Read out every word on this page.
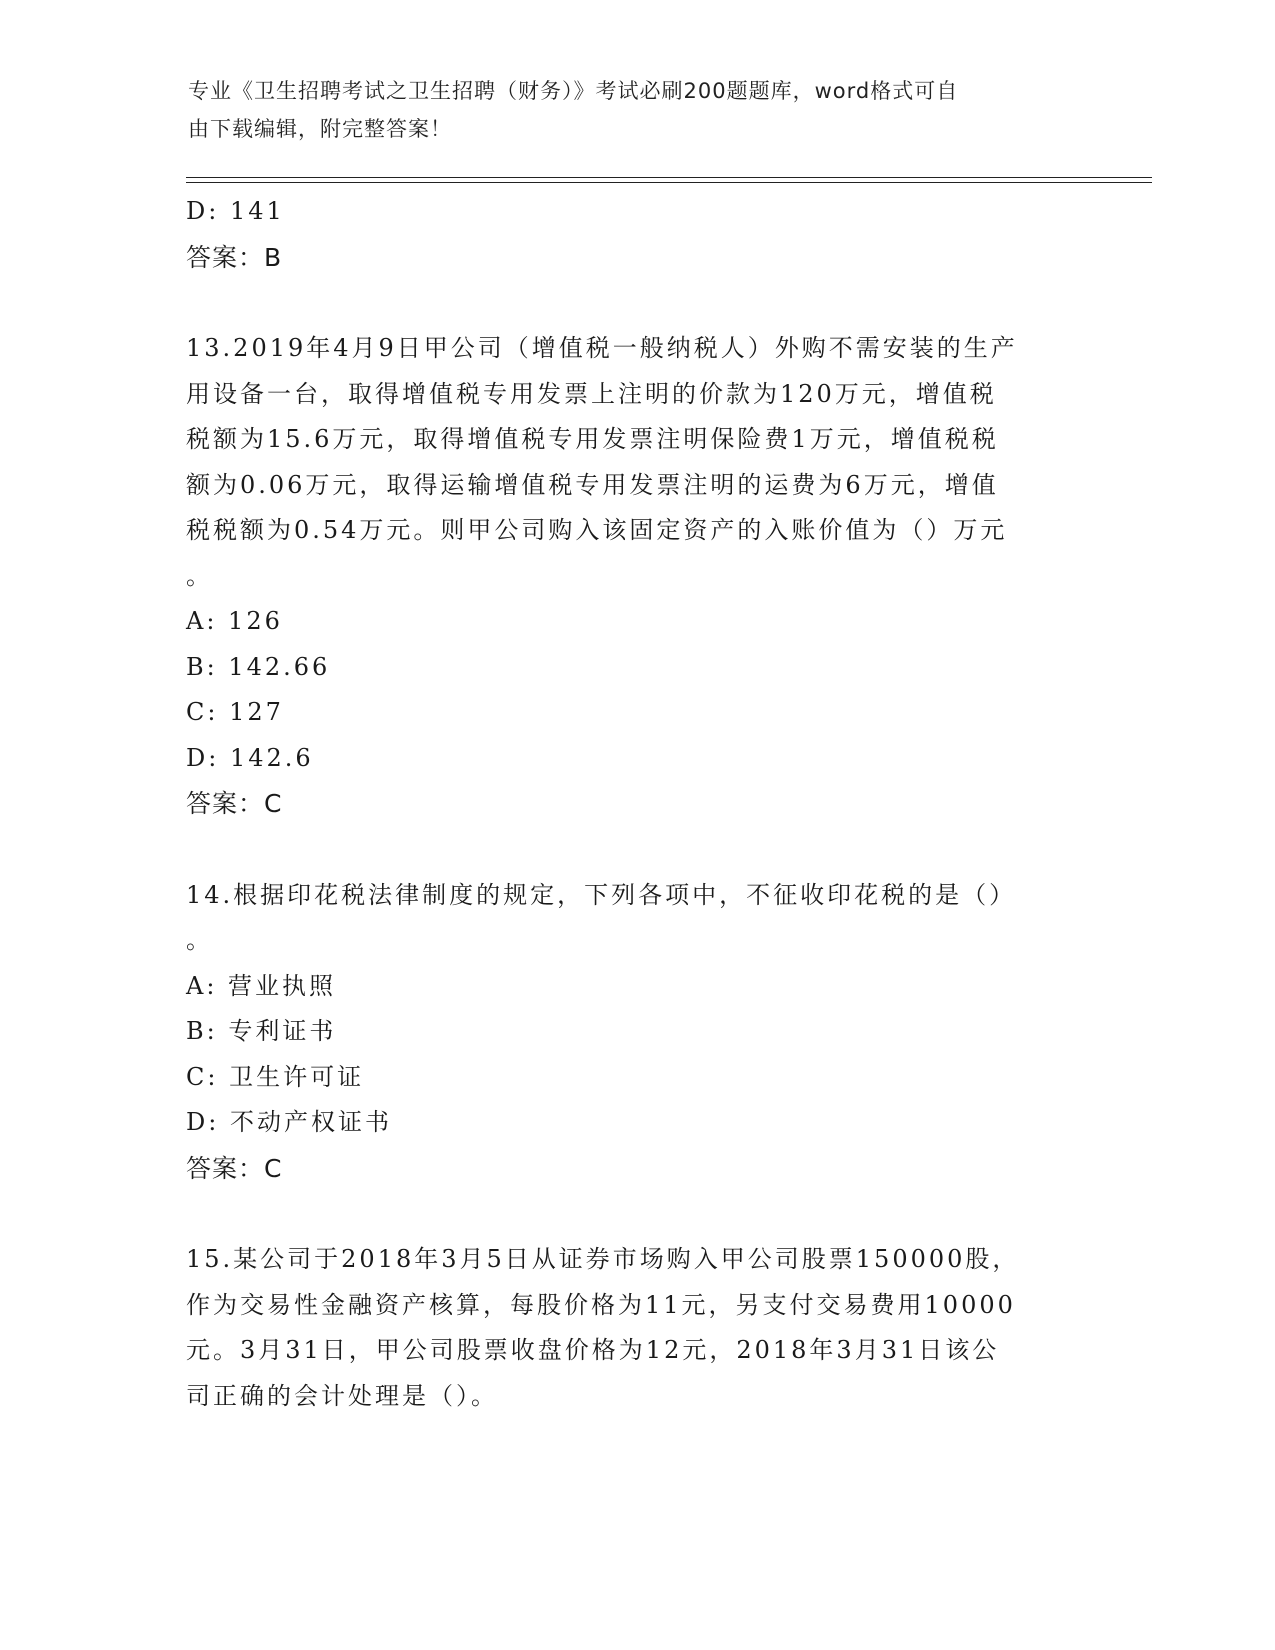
专业《卫生招聘考试之卫生招聘（财务）》考试必刷200题题库，word格式可自
由下载编辑，附完整答案！
D: 141
答案：B
13.2019年4月9日甲公司（增值税一般纳税人）外购不需安装的生产
用设备一台，取得增值税专用发票上注明的价款为120万元，增值税
税额为15.6万元，取得增值税专用发票注明保险费1万元，增值税税
额为0.06万元，取得运输增值税专用发票注明的运费为6万元，增值
税税额为0.54万元。则甲公司购入该固定资产的入账价值为（）万元
。
A: 126
B: 142.66
C: 127
D: 142.6
答案：C
14.根据印花税法律制度的规定，下列各项中，不征收印花税的是（）
。
A: 营业执照
B: 专利证书
C: 卫生许可证
D: 不动产权证书
答案：C
15.某公司于2018年3月5日从证券市场购入甲公司股票150000股，
作为交易性金融资产核算，每股价格为11元，另支付交易费用10000
元。3月31日，甲公司股票收盘价格为12元，2018年3月31日该公
司正确的会计处理是（）。
